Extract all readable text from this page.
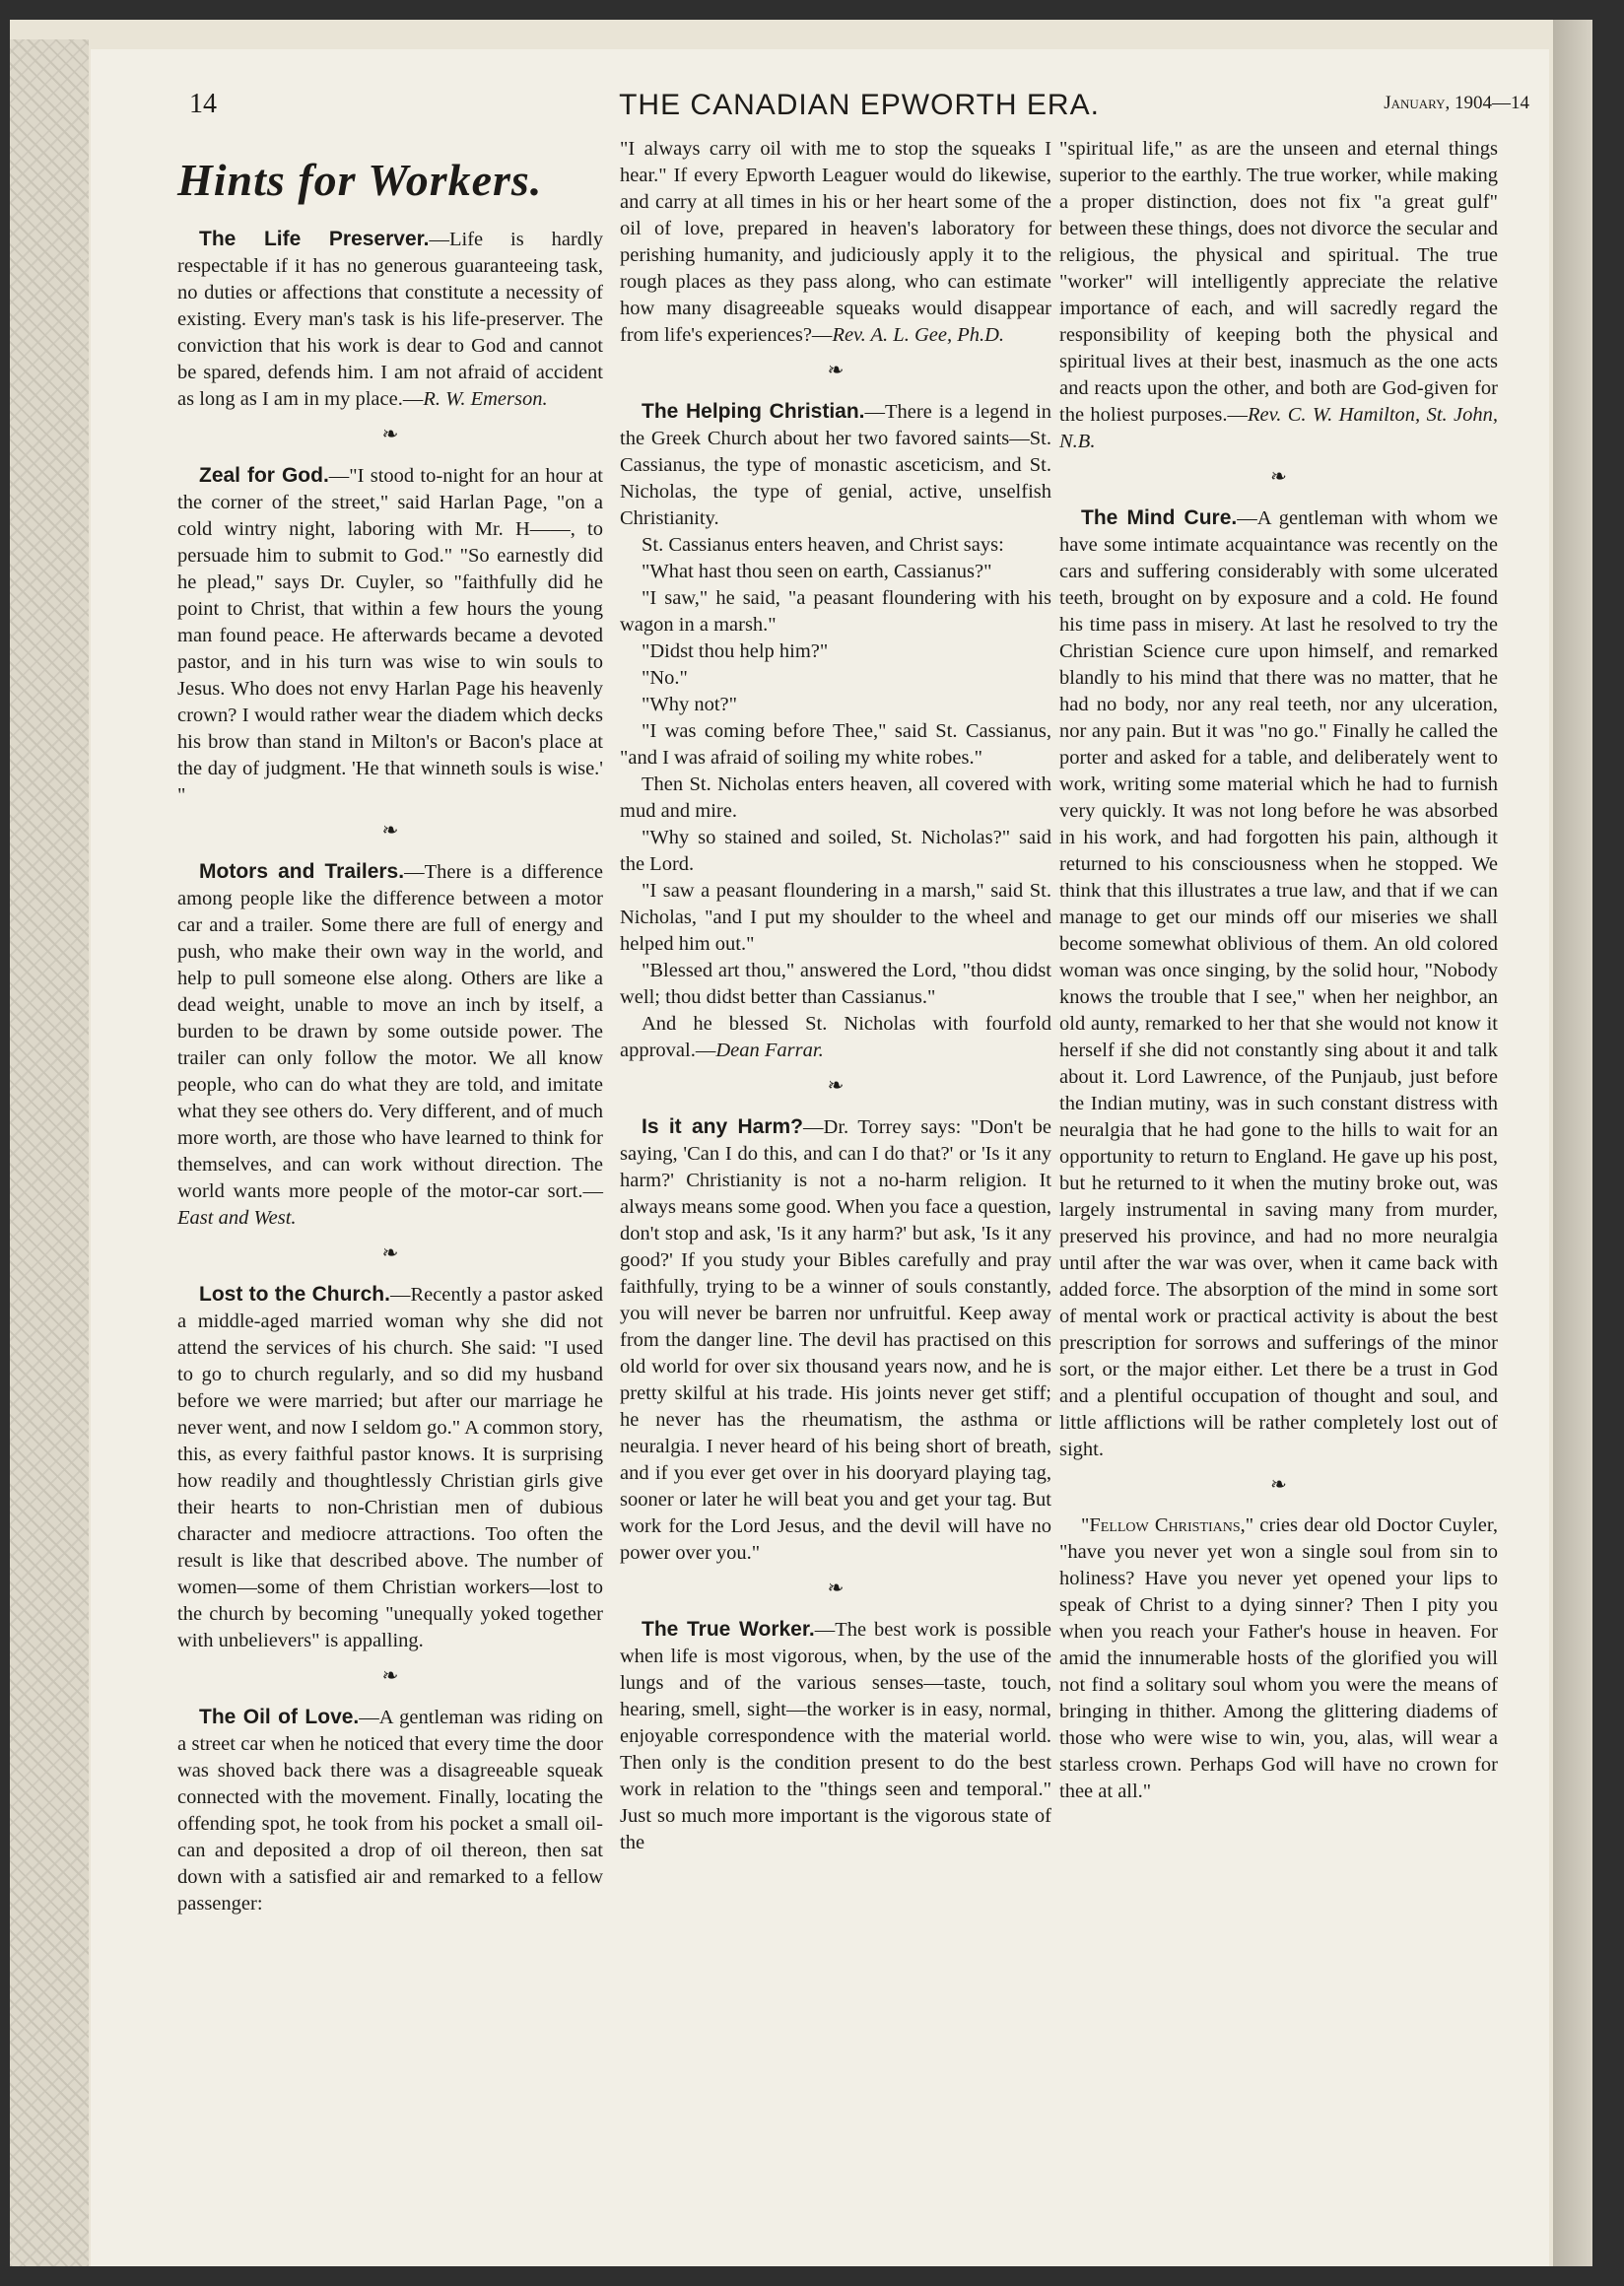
14	THE CANADIAN EPWORTH ERA.	January, 1904—14
Hints for Workers.

The Life Preserver.—Life is hardly respectable if it has no generous guaranteeing task, no duties or affections that constitute a necessity of existing. Every man's task is his life-preserver. The conviction that his work is dear to God and cannot be spared, defends him. I am not afraid of accident as long as I am in my place.—R. W. Emerson.

❧

Zeal for God.—"I stood to-night for an hour at the corner of the street," said Harlan Page, "on a cold wintry night, laboring with Mr. H——, to persuade him to submit to God." "So earnestly did he plead," says Dr. Cuyler, so "faithfully did he point to Christ, that within a few hours the young man found peace. He afterwards became a devoted pastor, and in his turn was wise to win souls to Jesus. Who does not envy Harlan Page his heavenly crown? I would rather wear the diadem which decks his brow than stand in Milton's or Bacon's place at the day of judgment. 'He that winneth souls is wise.' "

❧

Motors and Trailers.—There is a difference among people like the difference between a motor car and a trailer. Some there are full of energy and push, who make their own way in the world, and help to pull someone else along. Others are like a dead weight, unable to move an inch by itself, a burden to be drawn by some outside power. The trailer can only follow the motor. We all know people, who can do what they are told, and imitate what they see others do. Very different, and of much more worth, are those who have learned to think for themselves, and can work without direction. The world wants more people of the motor-car sort.—East and West.

❧

Lost to the Church.—Recently a pastor asked a middle-aged married woman why she did not attend the services of his church. She said: "I used to go to church regularly, and so did my husband before we were married; but after our marriage he never went, and now I seldom go." A common story, this, as every faithful pastor knows. It is surprising how readily and thoughtlessly Christian girls give their hearts to non-Christian men of dubious character and mediocre attractions. Too often the result is like that described above. The number of women—some of them Christian workers—lost to the church by becoming "unequally yoked together with unbelievers" is appalling.

❧

The Oil of Love.—A gentleman was riding on a street car when he noticed that every time the door was shoved back there was a disagreeable squeak connected with the movement. Finally, locating the offending spot, he took from his pocket a small oil-can and deposited a drop of oil thereon, then sat down with a satisfied air and remarked to a fellow passenger:

"I always carry oil with me to stop the squeaks I hear." If every Epworth Leaguer would do likewise, and carry at all times in his or her heart some of the oil of love, prepared in heaven's laboratory for perishing humanity, and judiciously apply it to the rough places as they pass along, who can estimate how many disagreeable squeaks would disappear from life's experiences?—Rev. A. L. Gee, Ph.D.

❧

The Helping Christian.—There is a legend in the Greek Church about her two favored saints—St. Cassianus, the type of monastic asceticism, and St. Nicholas, the type of genial, active, unselfish Christianity.

St. Cassianus enters heaven, and Christ says:

"What hast thou seen on earth, Cassianus?"

"I saw," he said, "a peasant floundering with his wagon in a marsh."

"Didst thou help him?"

"No."

"Why not?"

"I was coming before Thee," said St. Cassianus, "and I was afraid of soiling my white robes."

Then St. Nicholas enters heaven, all covered with mud and mire.

"Why so stained and soiled, St. Nicholas?" said the Lord.

"I saw a peasant floundering in a marsh," said St. Nicholas, "and I put my shoulder to the wheel and helped him out."

"Blessed art thou," answered the Lord, "thou didst well; thou didst better than Cassianus."

And he blessed St. Nicholas with fourfold approval.—Dean Farrar.

❧

Is it any Harm?—Dr. Torrey says: "Don't be saying, 'Can I do this, and can I do that?' or 'Is it any harm?' Christianity is not a no-harm religion. It always means some good. When you face a question, don't stop and ask, 'Is it any harm?' but ask, 'Is it any good?' If you study your Bibles carefully and pray faithfully, trying to be a winner of souls constantly, you will never be barren nor unfruitful. Keep away from the danger line. The devil has practised on this old world for over six thousand years now, and he is pretty skilful at his trade. His joints never get stiff; he never has the rheumatism, the asthma or neuralgia. I never heard of his being short of breath, and if you ever get over in his dooryard playing tag, sooner or later he will beat you and get your tag. But work for the Lord Jesus, and the devil will have no power over you."

❧

The True Worker.—The best work is possible when life is most vigorous, when, by the use of the lungs and of the various senses—taste, touch, hearing, smell, sight—the worker is in easy, normal, enjoyable correspondence with the material world. Then only is the condition present to do the best work in relation to the "things seen and temporal." Just so much more important is the vigorous state of the

"spiritual life," as are the unseen and eternal things superior to the earthly. The true worker, while making a proper distinction, does not fix "a great gulf" between these things, does not divorce the secular and religious, the physical and spiritual. The true "worker" will intelligently appreciate the relative importance of each, and will sacredly regard the responsibility of keeping both the physical and spiritual lives at their best, inasmuch as the one acts and reacts upon the other, and both are God-given for the holiest purposes.—Rev. C. W. Hamilton, St. John, N.B.

❧

The Mind Cure.—A gentleman with whom we have some intimate acquaintance was recently on the cars and suffering considerably with some ulcerated teeth, brought on by exposure and a cold. He found his time pass in misery. At last he resolved to try the Christian Science cure upon himself, and remarked blandly to his mind that there was no matter, that he had no body, nor any real teeth, nor any ulceration, nor any pain. But it was "no go." Finally he called the porter and asked for a table, and deliberately went to work, writing some material which he had to furnish very quickly. It was not long before he was absorbed in his work, and had forgotten his pain, although it returned to his consciousness when he stopped. We think that this illustrates a true law, and that if we can manage to get our minds off our miseries we shall become somewhat oblivious of them. An old colored woman was once singing, by the solid hour, "Nobody knows the trouble that I see," when her neighbor, an old aunty, remarked to her that she would not know it herself if she did not constantly sing about it and talk about it. Lord Lawrence, of the Punjaub, just before the Indian mutiny, was in such constant distress with neuralgia that he had gone to the hills to wait for an opportunity to return to England. He gave up his post, but he returned to it when the mutiny broke out, was largely instrumental in saving many from murder, preserved his province, and had no more neuralgia until after the war was over, when it came back with added force. The absorption of the mind in some sort of mental work or practical activity is about the best prescription for sorrows and sufferings of the minor sort, or the major either. Let there be a trust in God and a plentiful occupation of thought and soul, and little afflictions will be rather completely lost out of sight.

❧

"Fellow Christians," cries dear old Doctor Cuyler, "have you never yet won a single soul from sin to holiness? Have you never yet opened your lips to speak of Christ to a dying sinner? Then I pity you when you reach your Father's house in heaven. For amid the innumerable hosts of the glorified you will not find a solitary soul whom you were the means of bringing in thither. Among the glittering diadems of those who were wise to win, you, alas, will wear a starless crown. Perhaps God will have no crown for thee at all."
